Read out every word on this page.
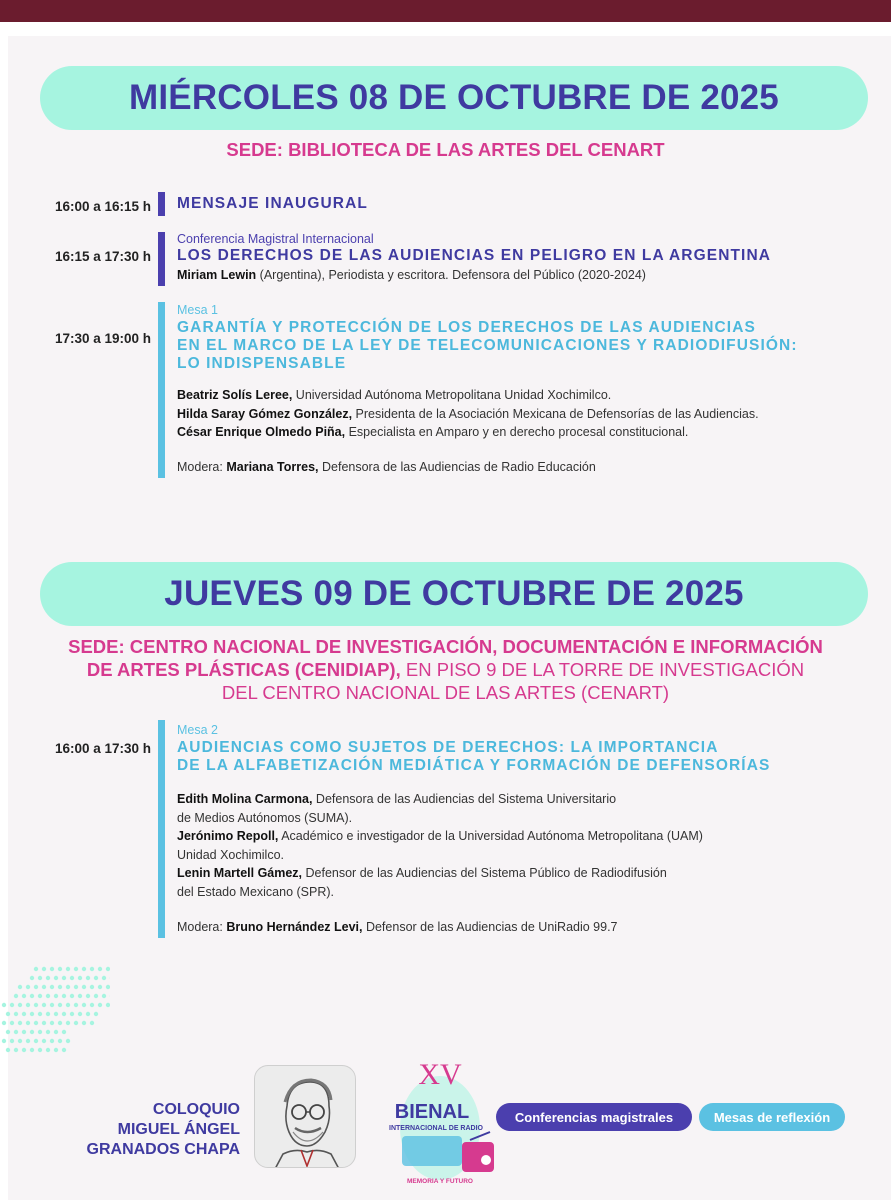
MIÉRCOLES 08 DE OCTUBRE DE 2025
SEDE: BIBLIOTECA DE LAS ARTES DEL CENART
16:00 a 16:15 h MENSAJE INAUGURAL
16:15 a 17:30 h
Conferencia Magistral Internacional
LOS DERECHOS DE LAS AUDIENCIAS EN PELIGRO EN LA ARGENTINA
Miriam Lewin (Argentina), Periodista y escritora. Defensora del Público (2020-2024)
17:30 a 19:00 h
Mesa 1
GARANTÍA Y PROTECCIÓN DE LOS DERECHOS DE LAS AUDIENCIAS
EN EL MARCO DE LA LEY DE TELECOMUNICACIONES Y RADIODIFUSIÓN:
LO INDISPENSABLE
Beatriz Solís Leree, Universidad Autónoma Metropolitana Unidad Xochimilco.
Hilda Saray Gómez González, Presidenta de la Asociación Mexicana de Defensorías de las Audiencias.
César Enrique Olmedo Piña, Especialista en Amparo y en derecho procesal constitucional.
Modera: Mariana Torres, Defensora de las Audiencias de Radio Educación
JUEVES 09 DE OCTUBRE DE 2025
SEDE: CENTRO NACIONAL DE INVESTIGACIÓN, DOCUMENTACIÓN E INFORMACIÓN
DE ARTES PLÁSTICAS (CENIDIAP), EN PISO 9 DE LA TORRE DE INVESTIGACIÓN
DEL CENTRO NACIONAL DE LAS ARTES (CENART)
16:00 a 17:30 h
Mesa 2
AUDIENCIAS COMO SUJETOS DE DERECHOS: LA IMPORTANCIA
DE LA ALFABETIZACIÓN MEDIÁTICA Y FORMACIÓN DE DEFENSORÍAS
Edith Molina Carmona, Defensora de las Audiencias del Sistema Universitario
de Medios Autónomos (SUMA).
Jerónimo Repoll, Académico e investigador de la Universidad Autónoma Metropolitana (UAM)
Unidad Xochimilco.
Lenin Martell Gámez, Defensor de las Audiencias del Sistema Público de Radiodifusión
del Estado Mexicano (SPR).
Modera: Bruno Hernández Levi, Defensor de las Audiencias de UniRadio 99.7
COLOQUIO
MIGUEL ÁNGEL
GRANADOS CHAPA
XV
BIENAL
INTERNACIONAL DE RADIO
MEMORIA Y FUTURO
Conferencias magistrales	Mesas de reflexión
